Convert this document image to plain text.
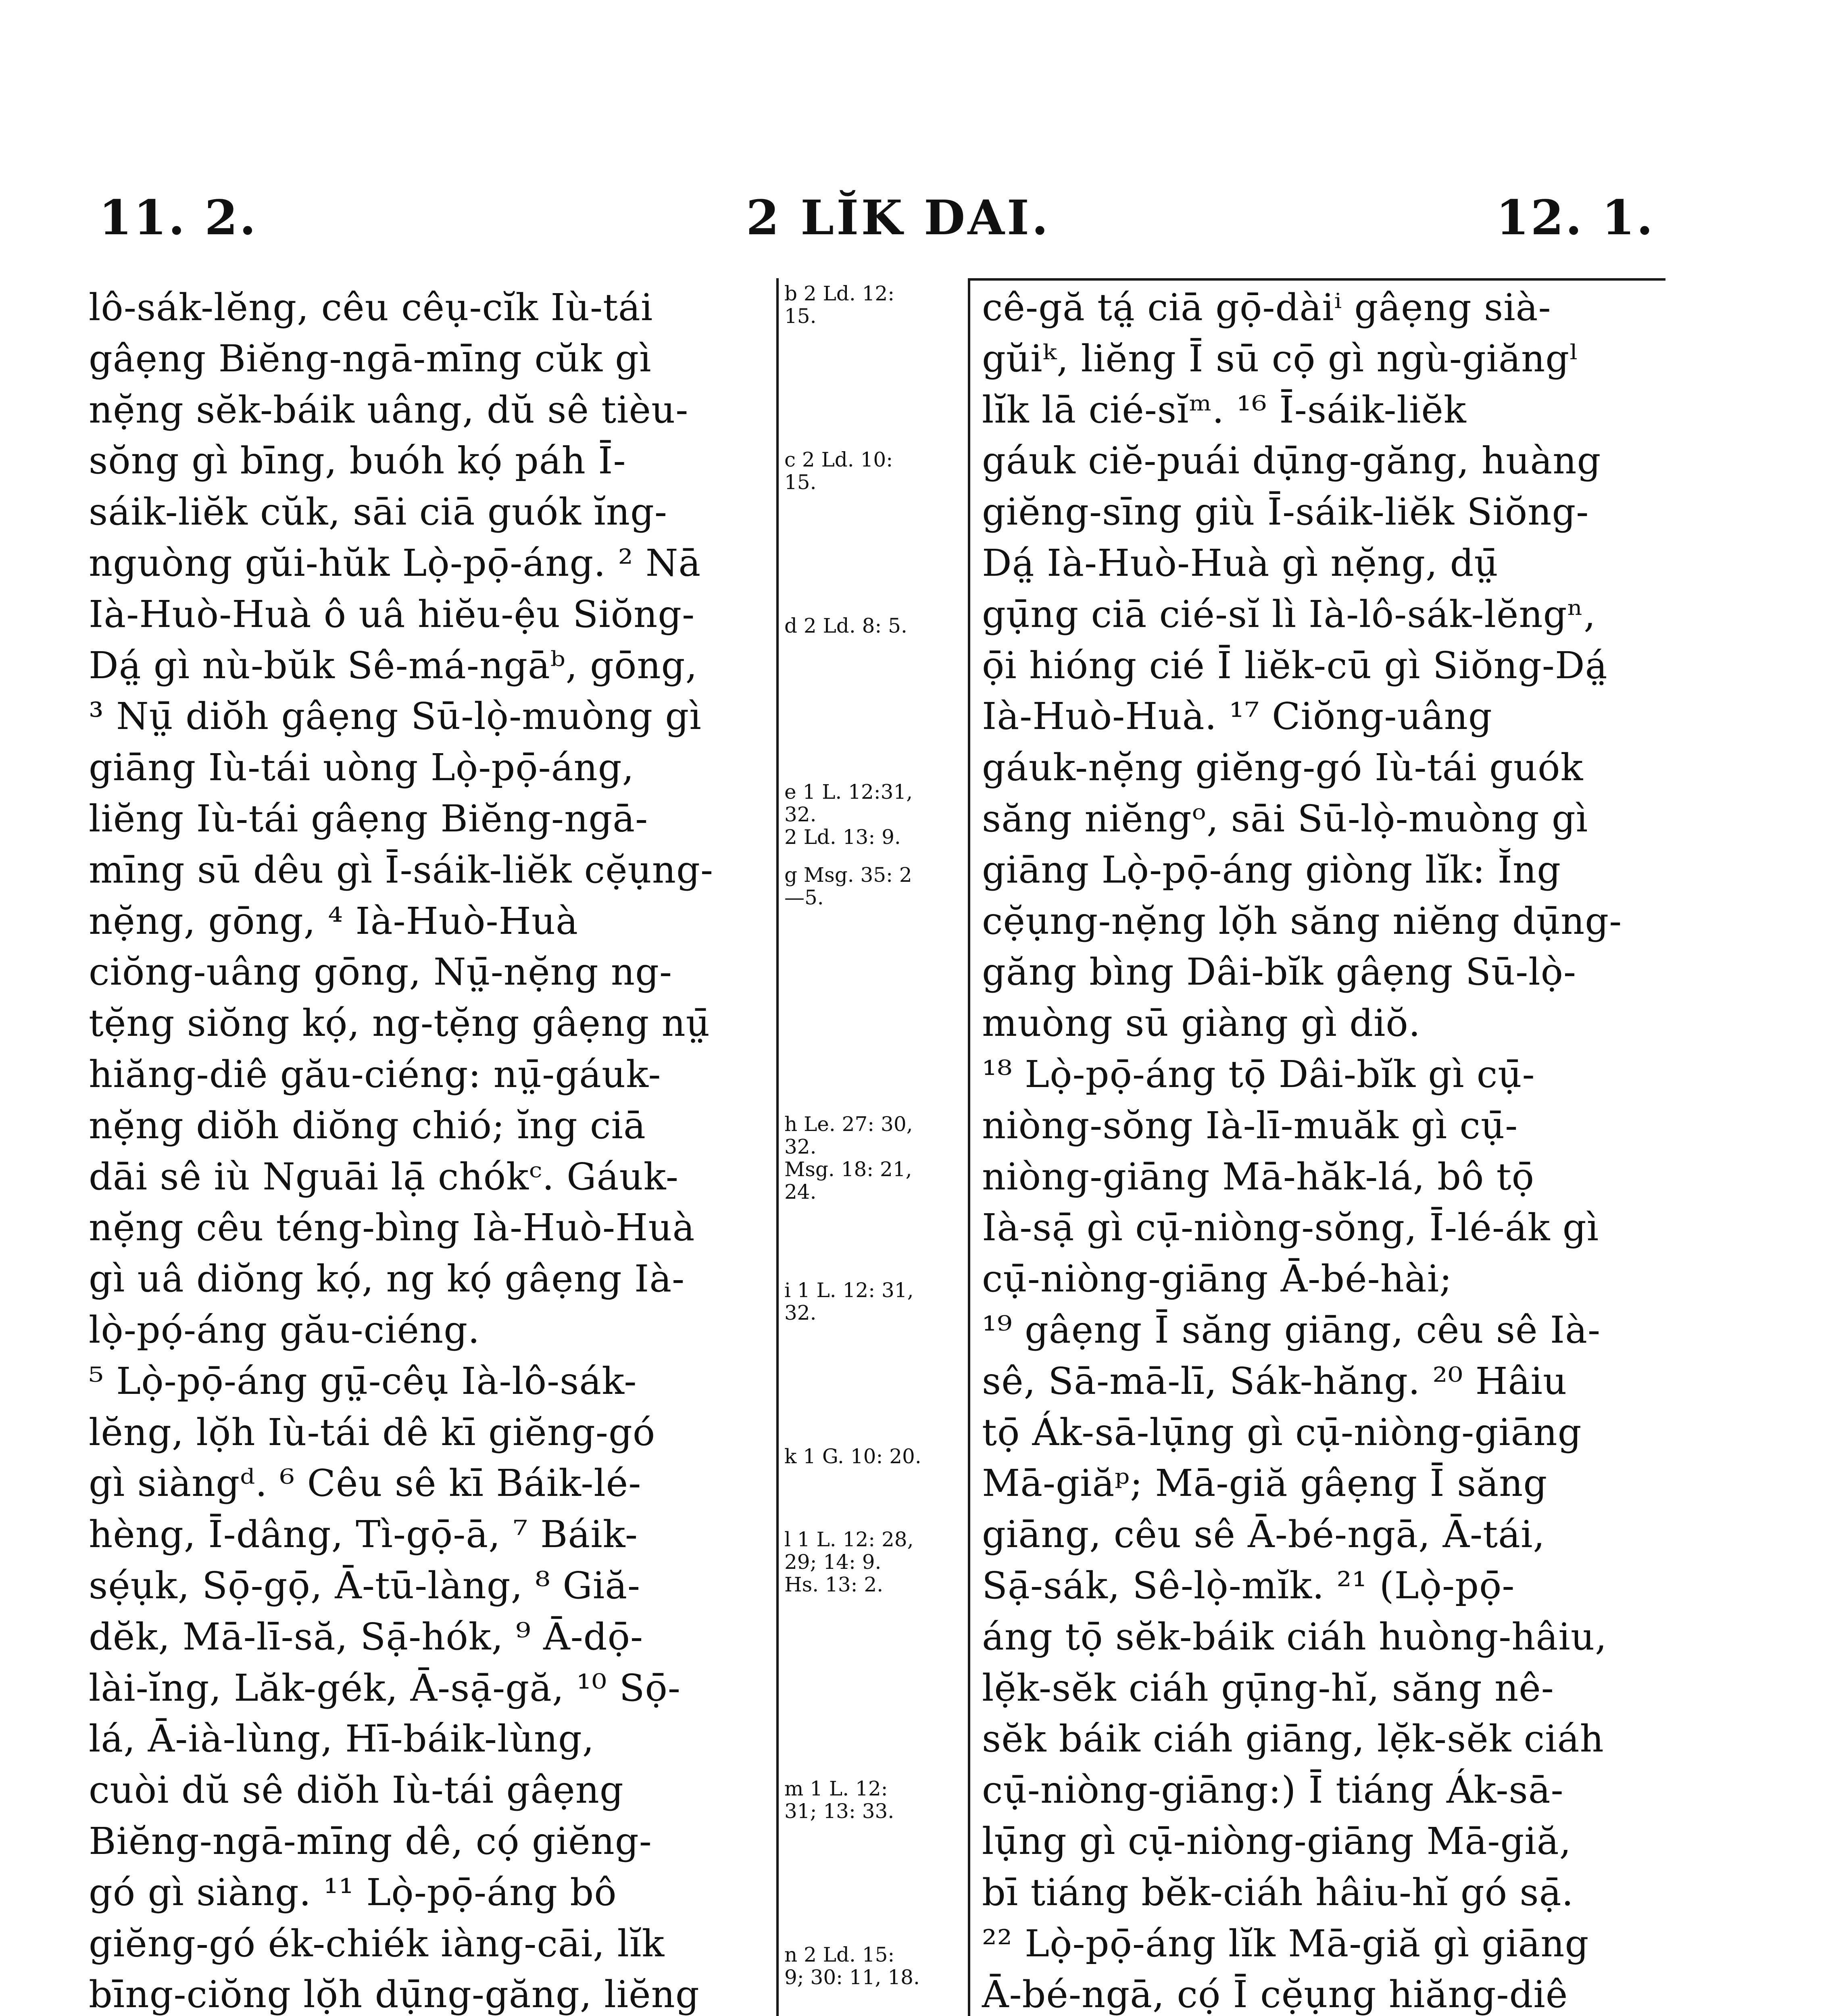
11. 2.	2 LĬK DAI.	12. 1.
lô-sák-lĕng, cêu cêụ-cĭk Iù-tái
gâẹng Biĕng-ngā-mīng cŭk gì
nẹ̆ng sĕk-báik uâng, dŭ sê tièu-
sŏng gì bīng, buóh kọ́ páh Ī-
sáik-liĕk cŭk, sāi ciā guók ĭng-
nguòng gŭi-hŭk Lọ̀-pọ̄-áng. ² Nā
Ià-Huò-Huà ô uâ hiĕu-ệu Siŏng-
Dá̤ gì nù-bŭk Sê-má-ngāᵇ, gōng,
³ Nṳ̄ diŏh gâẹng Sū-lọ̀-muòng gì
giāng Iù-tái uòng Lọ̀-pọ̄-áng,
liĕng Iù-tái gâẹng Biĕng-ngā-
mīng sū dêu gì Ī-sáik-liĕk cẹ̆ụng-
nẹ̆ng, gōng, ⁴ Ià-Huò-Huà
ciŏng-uâng gōng, Nṳ̄-nẹ̆ng ng-
tẹ̆ng siŏng kọ́, ng-tẹ̆ng gâẹng nṳ̄
hiăng-diê gău-ciéng: nṳ̄-gáuk-
nẹ̆ng diŏh diŏng chió; ĭng ciā
dāi sê iù Nguāi lạ̄ chókᶜ. Gáuk-
nẹ̆ng cêu téng-bìng Ià-Huò-Huà
gì uâ diŏng kọ́, ng kọ́ gâẹng Ià-
lọ̀-pọ́-áng gău-ciéng.
⁵ Lọ̀-pọ̄-áng gṳ̄-cêụ Ià-lô-sák-
lĕng, lọ̆h Iù-tái dê kī giĕng-gó
gì siàngᵈ. ⁶ Cêu sê kī Báik-lé-
hèng, Ī-dâng, Tì-gọ̄-ā, ⁷ Báik-
sẹ́ụk, Sọ̄-gọ̄, Ā-tū-làng, ⁸ Giă-
dĕk, Mā-lī-să, Sạ̄-hók, ⁹ Ā-dọ̄-
lài-ĭng, Lăk-gék, Ā-sạ̄-gă, ¹⁰ Sọ̄-
lá, Ā-ià-lùng, Hī-báik-lùng,
cuòi dŭ sê diŏh Iù-tái gâẹng
Biĕng-ngā-mīng dê, cọ́ giĕng-
gó gì siàng. ¹¹ Lọ̀-pọ̄-áng bô
giĕng-gó ék-chiék iàng-cāi, lĭk
bīng-ciŏng lọ̆h dụ̄ng-găng, liĕng
b 2 Ld. 12:
15.
c 2 Ld. 10:
15.
d 2 Ld. 8: 5.
e 1 L. 12:31,
32.
2 Ld. 13: 9.
g Msg. 35: 2
—5.
h Le. 27: 30,
32.
Msg. 18: 21,
24.
i 1 L. 12: 31,
32.
k 1 G. 10: 20.
l 1 L. 12: 28,
29; 14: 9.
Hs. 13: 2.
m 1 L. 12:
31; 13: 33.
n 2 Ld. 15:
9; 30: 11, 18.
cê-gă tá̤ ciā gọ̄-dàiⁱ gâẹng sià-
gŭiᵏ, liĕng Ī sū cọ̄ gì ngù-giăngˡ
lĭk lā cié-sĭᵐ. ¹⁶ Ī-sáik-liĕk
gáuk ciĕ-puái dụ̄ng-găng, huàng
giĕng-sīng giù Ī-sáik-liĕk Siŏng-
Dá̤ Ià-Huò-Huà gì nẹ̆ng, dṳ̄
gụ̄ng ciā cié-sĭ lì Ià-lô-sák-lĕngⁿ,
ọ̄i hióng cié Ī liĕk-cū gì Siŏng-Dá̤
Ià-Huò-Huà. ¹⁷ Ciŏng-uâng
gáuk-nẹ̆ng giĕng-gó Iù-tái guók
săng niĕngᵒ, sāi Sū-lọ̀-muòng gì
giāng Lọ̀-pọ̄-áng giòng lĭk: Ĭng
cẹ̆ụng-nẹ̆ng lọ̆h săng niĕng dụ̄ng-
găng bìng Dâi-bĭk gâẹng Sū-lọ̀-
muòng sū giàng gì diŏ.
¹⁸ Lọ̀-pọ̄-áng tọ̄ Dâi-bĭk gì cụ̄-
niòng-sŏng Ià-lī-muăk gì cụ̄-
niòng-giāng Mā-hăk-lá, bô tọ̄
Ià-sạ̄ gì cụ̄-niòng-sŏng, Ī-lé-ák gì
cụ̄-niòng-giāng Ā-bé-hài;
¹⁹ gâẹng Ī săng giāng, cêu sê Ià-
sê, Sā-mā-lī, Sák-hăng. ²⁰ Hâiu
tọ̄ Ák-sā-lụ̄ng gì cụ̄-niòng-giāng
Mā-giăᵖ; Mā-giă gâẹng Ī săng
giāng, cêu sê Ā-bé-ngā, Ā-tái,
Sạ̄-sák, Sê-lọ̀-mĭk. ²¹ (Lọ̀-pọ̄-
áng tọ̄ sĕk-báik ciáh huòng-hâiu,
lẹ̆k-sĕk ciáh gụ̄ng-hĭ, săng nê-
sĕk báik ciáh giāng, lẹ̆k-sĕk ciáh
cụ̄-niòng-giāng:) Ī tiáng Ák-sā-
lụ̄ng gì cụ̄-niòng-giāng Mā-giă,
bī tiáng bĕk-ciáh hâiu-hĭ gó sạ̄.
²² Lọ̀-pọ̄-áng lĭk Mā-giă gì giāng
Ā-bé-ngā, cọ́ Ī cẹ̆ụng hiăng-diê
